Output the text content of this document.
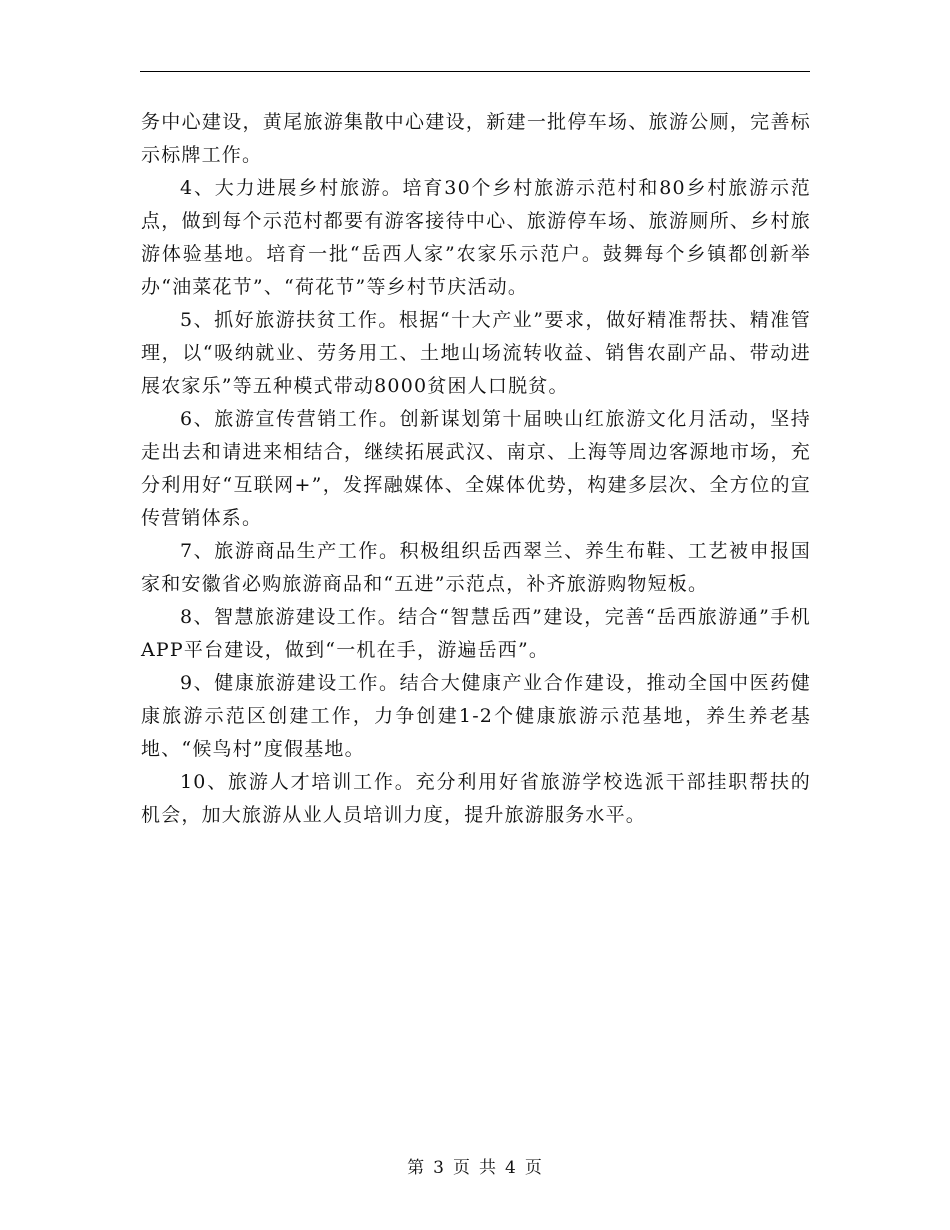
务中心建设，黄尾旅游集散中心建设，新建一批停车场、旅游公厕，完善标示标牌工作。

4、大力进展乡村旅游。培育30个乡村旅游示范村和80乡村旅游示范点，做到每个示范村都要有游客接待中心、旅游停车场、旅游厕所、乡村旅游体验基地。培育一批“岳西人家”农家乐示范户。鼓舞每个乡镇都创新举办“油菜花节”、“荷花节”等乡村节庆活动。

5、抓好旅游扶贫工作。根据“十大产业”要求，做好精准帮扶、精准管理，以“吸纳就业、劳务用工、土地山场流转收益、销售农副产品、带动进展农家乐”等五种模式带动8000贫困人口脱贫。

6、旅游宣传营销工作。创新谋划第十届映山红旅游文化月活动，坚持走出去和请进来相结合，继续拓展武汉、南京、上海等周边客源地市场，充分利用好“互联网+”，发挥融媒体、全媒体优势，构建多层次、全方位的宣传营销体系。

7、旅游商品生产工作。积极组织岳西翠兰、养生布鞋、工艺被申报国家和安徽省必购旅游商品和“五进”示范点，补齐旅游购物短板。

8、智慧旅游建设工作。结合“智慧岳西”建设，完善“岳西旅游通”手机APP平台建设，做到“一机在手，游遍岳西”。

9、健康旅游建设工作。结合大健康产业合作建设，推动全国中医药健康旅游示范区创建工作，力争创建1-2个健康旅游示范基地，养生养老基地、“候鸟村”度假基地。

10、旅游人才培训工作。充分利用好省旅游学校选派干部挂职帮扶的机会，加大旅游从业人员培训力度，提升旅游服务水平。

第 3 页 共 4 页
